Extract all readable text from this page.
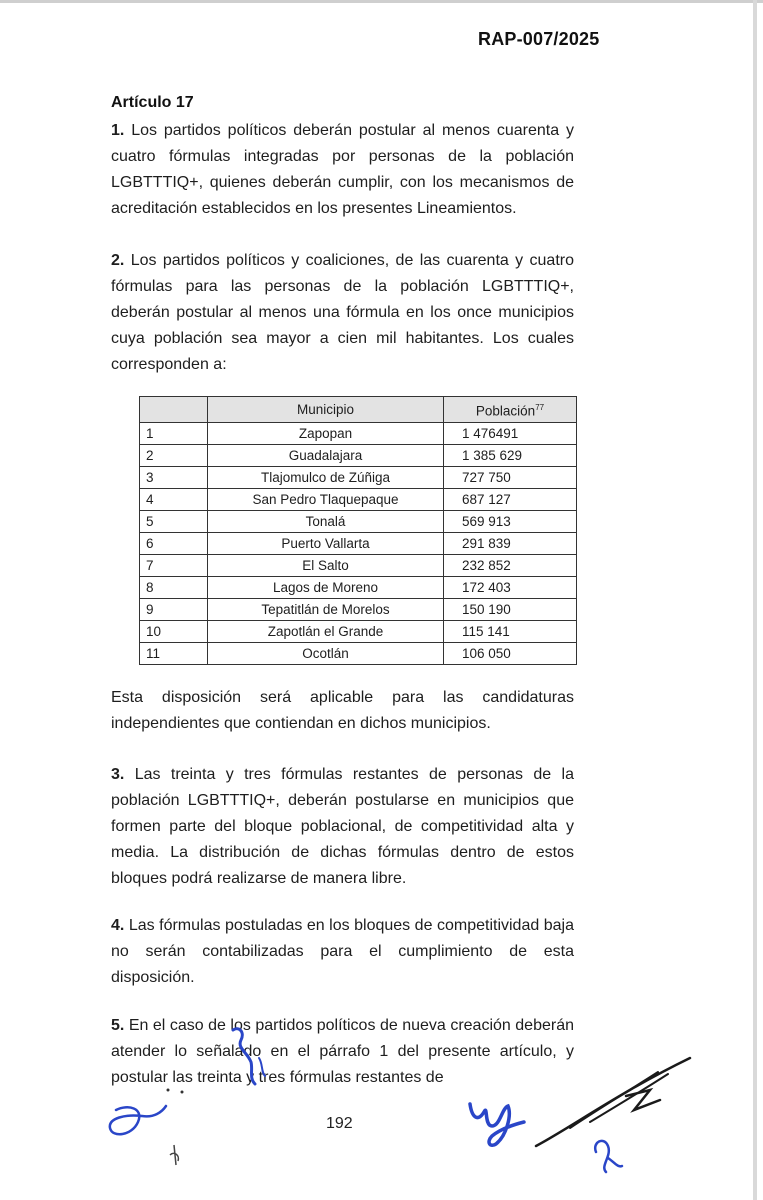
RAP-007/2025
Artículo 17

1. Los partidos políticos deberán postular al menos cuarenta y cuatro fórmulas integradas por personas de la población LGBTTTIQ+, quienes deberán cumplir, con los mecanismos de acreditación establecidos en los presentes Lineamientos.

2. Los partidos políticos y coaliciones, de las cuarenta y cuatro fórmulas para las personas de la población LGBTTTIQ+, deberán postular al menos una fórmula en los once municipios cuya población sea mayor a cien mil habitantes. Los cuales corresponden a:

	Municipio	Población$^{77}$
1	Zapopan	1 476491
2	Guadalajara	1 385 629
3	Tlajomulco de Zúñiga	727 750
4	San Pedro Tlaquepaque	687 127
5	Tonalá	569 913
6	Puerto Vallarta	291 839
7	El Salto	232 852
8	Lagos de Moreno	172 403
9	Tepatitlán de Morelos	150 190
10	Zapotlán el Grande	115 141
11	Ocotlán	106 050

Esta disposición será aplicable para las candidaturas independientes que contiendan en dichos municipios.

3. Las treinta y tres fórmulas restantes de personas de la población LGBTTTIQ+, deberán postularse en municipios que formen parte del bloque poblacional, de competitividad alta y media. La distribución de dichas fórmulas dentro de estos bloques podrá realizarse de manera libre.

4. Las fórmulas postuladas en los bloques de competitividad baja no serán contabilizadas para el cumplimiento de esta disposición.

5. En el caso de los partidos políticos de nueva creación deberán atender lo señalado en el párrafo 1 del presente artículo, y postular las treinta y tres fórmulas restantes de

192
